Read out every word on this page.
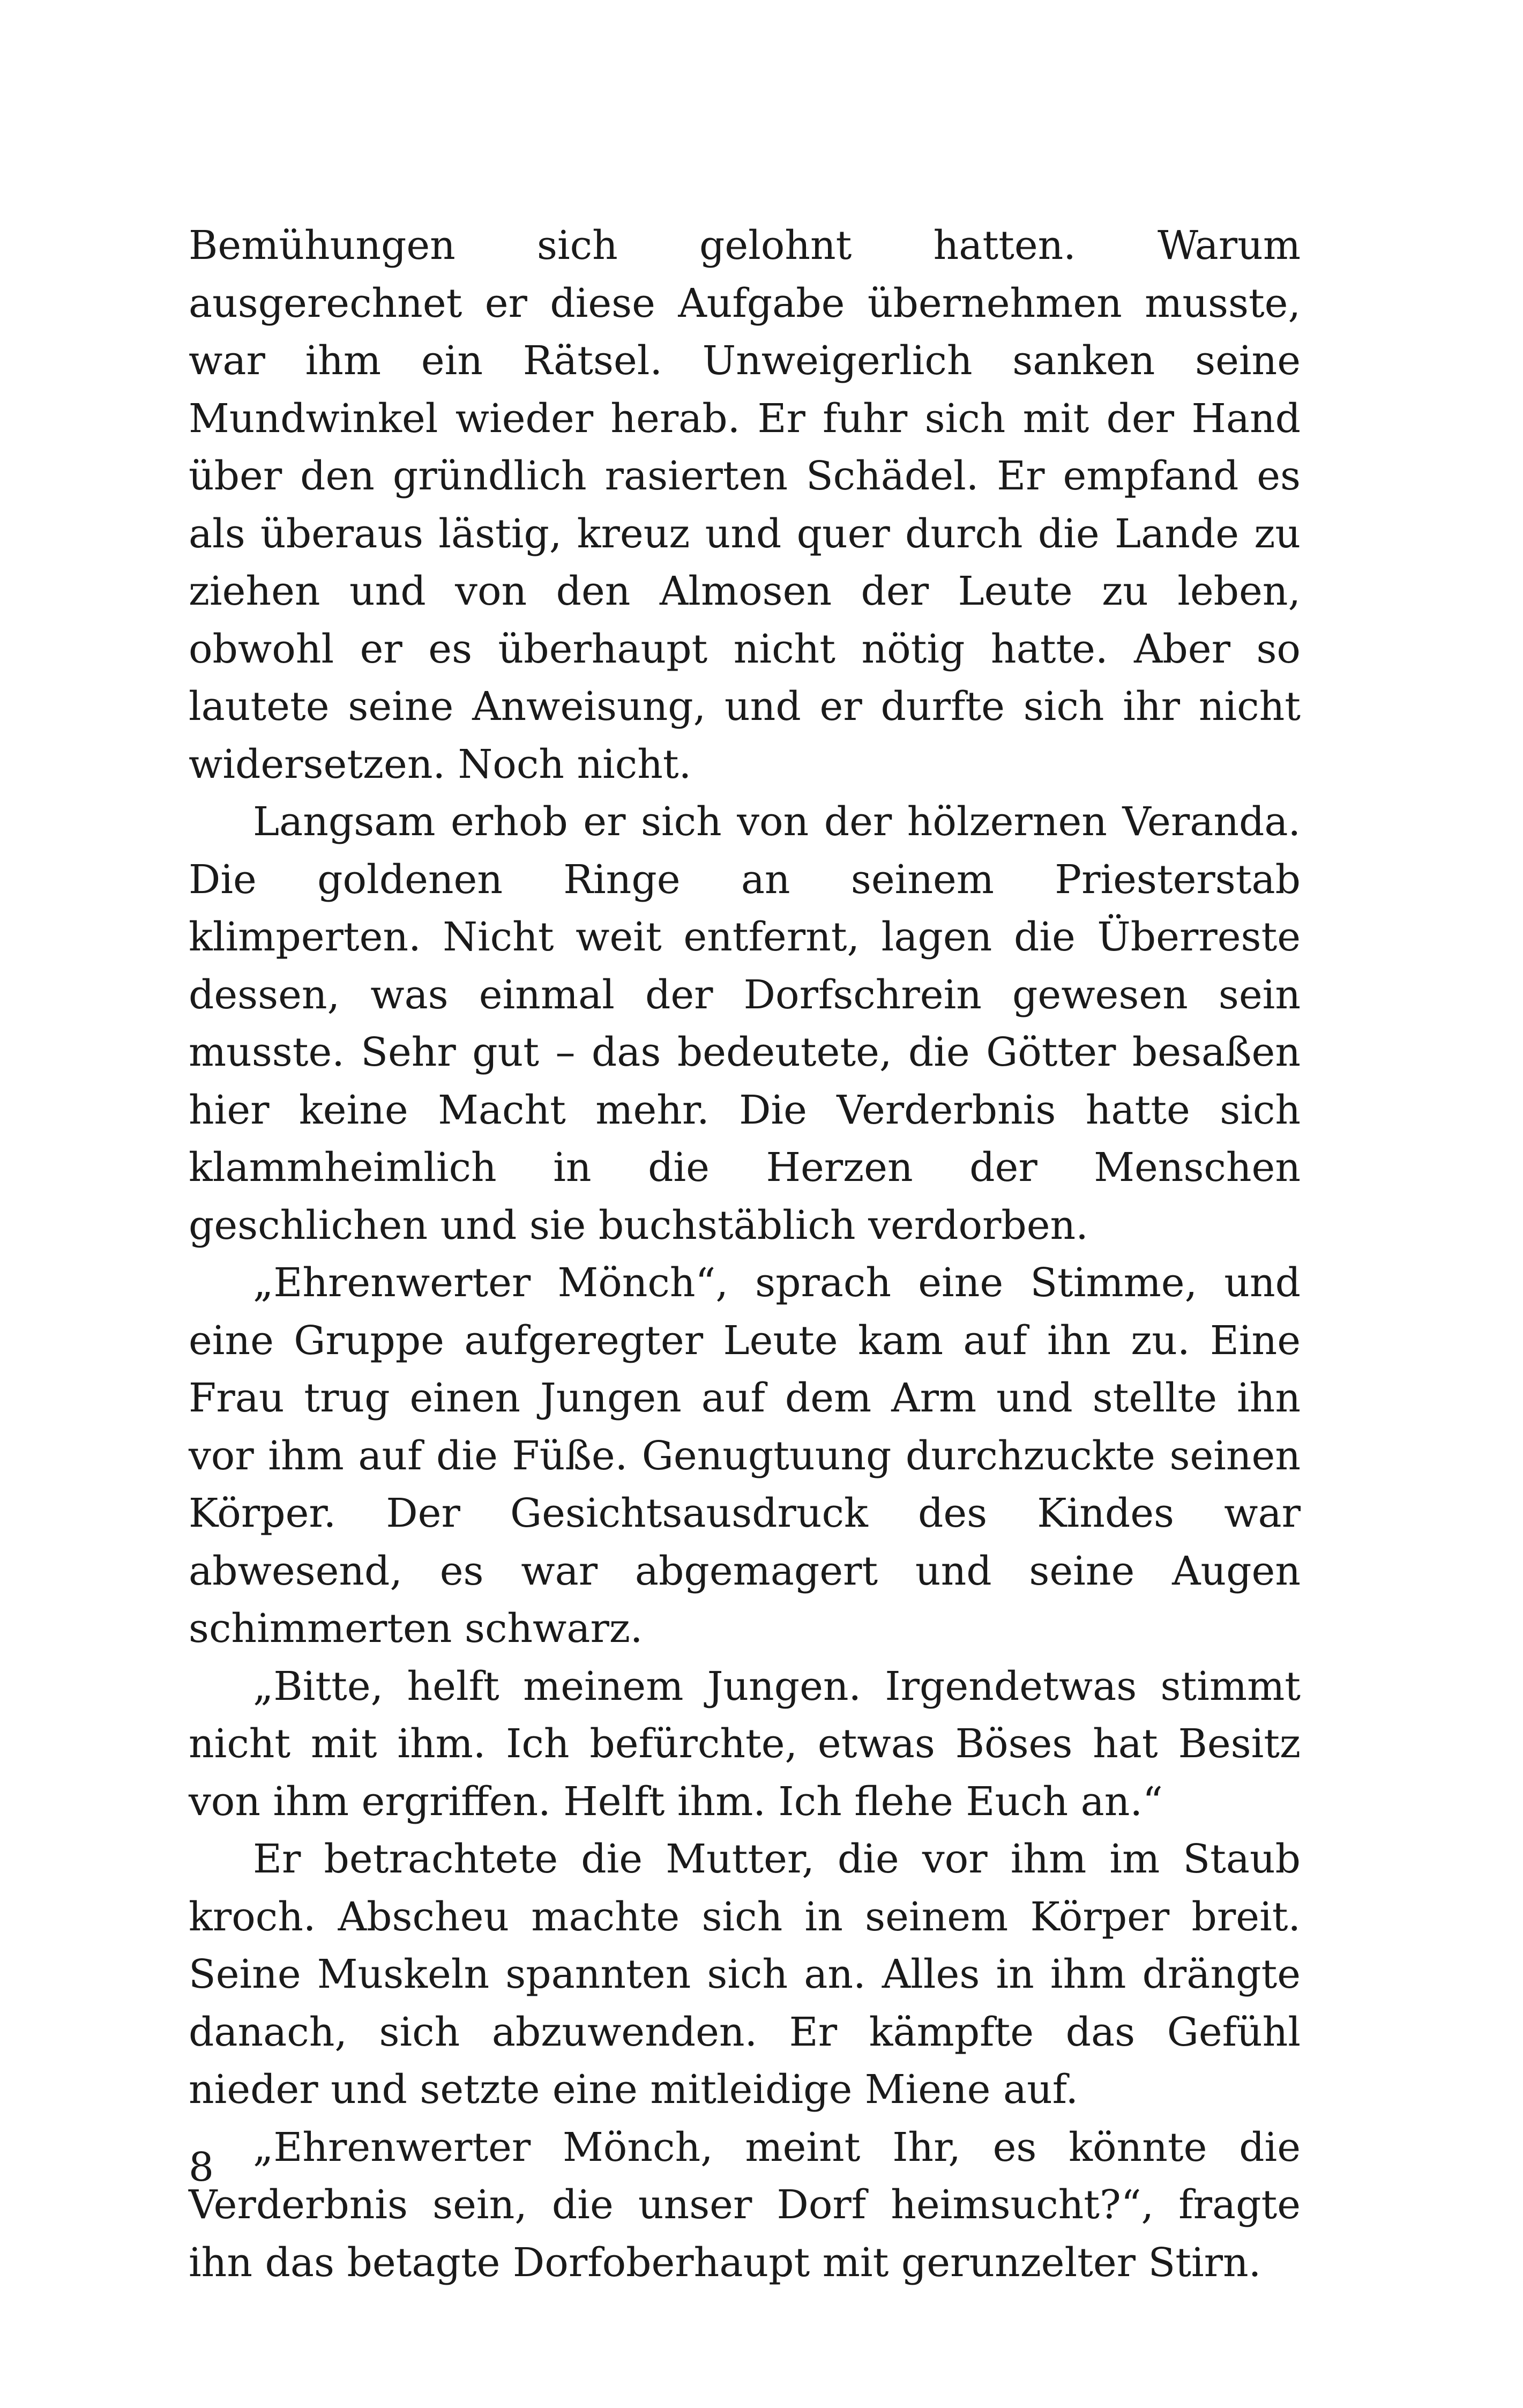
Bemühungen sich gelohnt hatten. Warum ausgerechnet er diese Aufgabe übernehmen musste, war ihm ein Rätsel. Unweigerlich sanken seine Mundwinkel wieder herab. Er fuhr sich mit der Hand über den gründlich rasierten Schädel. Er empfand es als überaus lästig, kreuz und quer durch die Lande zu ziehen und von den Almosen der Leute zu leben, obwohl er es überhaupt nicht nötig hatte. Aber so lautete seine Anweisung, und er durfte sich ihr nicht widersetzen. Noch nicht.

Langsam erhob er sich von der hölzernen Veranda. Die goldenen Ringe an seinem Priesterstab klimperten. Nicht weit entfernt, lagen die Überreste dessen, was einmal der Dorfschrein gewesen sein musste. Sehr gut – das bedeutete, die Götter besaßen hier keine Macht mehr. Die Verderbnis hatte sich klammheimlich in die Herzen der Menschen geschlichen und sie buchstäblich verdorben.

„Ehrenwerter Mönch“, sprach eine Stimme, und eine Gruppe aufgeregter Leute kam auf ihn zu. Eine Frau trug einen Jungen auf dem Arm und stellte ihn vor ihm auf die Füße. Genugtuung durchzuckte seinen Körper. Der Gesichtsausdruck des Kindes war abwesend, es war abgemagert und seine Augen schimmerten schwarz.

„Bitte, helft meinem Jungen. Irgendetwas stimmt nicht mit ihm. Ich befürchte, etwas Böses hat Besitz von ihm ergriffen. Helft ihm. Ich flehe Euch an.“

Er betrachtete die Mutter, die vor ihm im Staub kroch. Abscheu machte sich in seinem Körper breit. Seine Muskeln spannten sich an. Alles in ihm drängte danach, sich abzuwenden. Er kämpfte das Gefühl nieder und setzte eine mitleidige Miene auf.

„Ehrenwerter Mönch, meint Ihr, es könnte die Verderbnis sein, die unser Dorf heimsucht?“, fragte ihn das betagte Dorfoberhaupt mit gerunzelter Stirn.

8
